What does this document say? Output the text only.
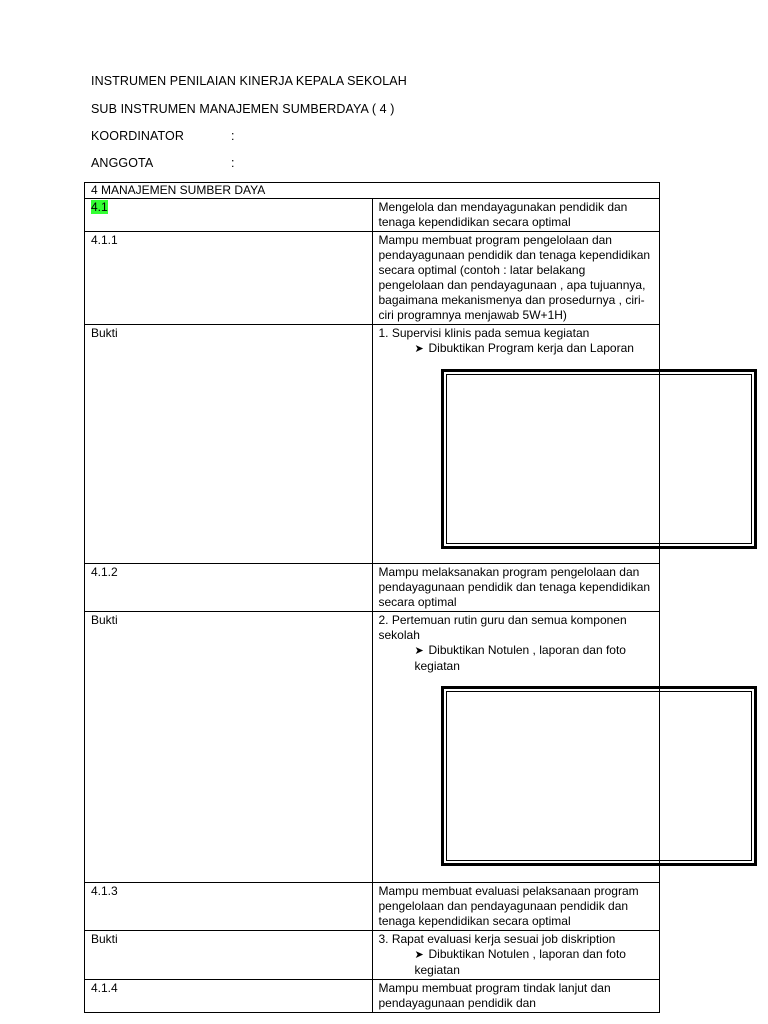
INSTRUMEN PENILAIAN KINERJA KEPALA SEKOLAH
SUB INSTRUMEN MANAJEMEN SUMBERDAYA ( 4 )
KOORDINATOR	:
ANGGOTA	:
4 MANAJEMEN SUMBER DAYA	
4.1	Mengelola dan mendayagunakan pendidik dan tenaga kependidikan secara optimal
4.1.1	Mampu membuat program pengelolaan dan pendayagunaan pendidik dan tenaga kependidikan secara optimal (contoh : latar belakang pengelolaan dan pendayagunaan , apa tujuannya, bagaimana mekanismenya dan prosedurnya , ciri-ciri programnya menjawab 5W+1H)
Bukti	1. Supervisi klinis pada semua kegiatan
➤ Dibuktikan Program kerja dan Laporan

4.1.2	Mampu melaksanakan program pengelolaan dan pendayagunaan pendidik dan tenaga kependidikan secara optimal
Bukti	2. Pertemuan rutin guru dan semua komponen sekolah
➤ Dibuktikan Notulen , laporan dan foto kegiatan

4.1.3	Mampu membuat evaluasi pelaksanaan program pengelolaan dan pendayagunaan pendidik dan tenaga kependidikan secara optimal
Bukti	3. Rapat evaluasi kerja sesuai job diskription
➤ Dibuktikan Notulen , laporan dan foto kegiatan

4.1.4	Mampu membuat program tindak lanjut dan pendayagunaan pendidik dan
